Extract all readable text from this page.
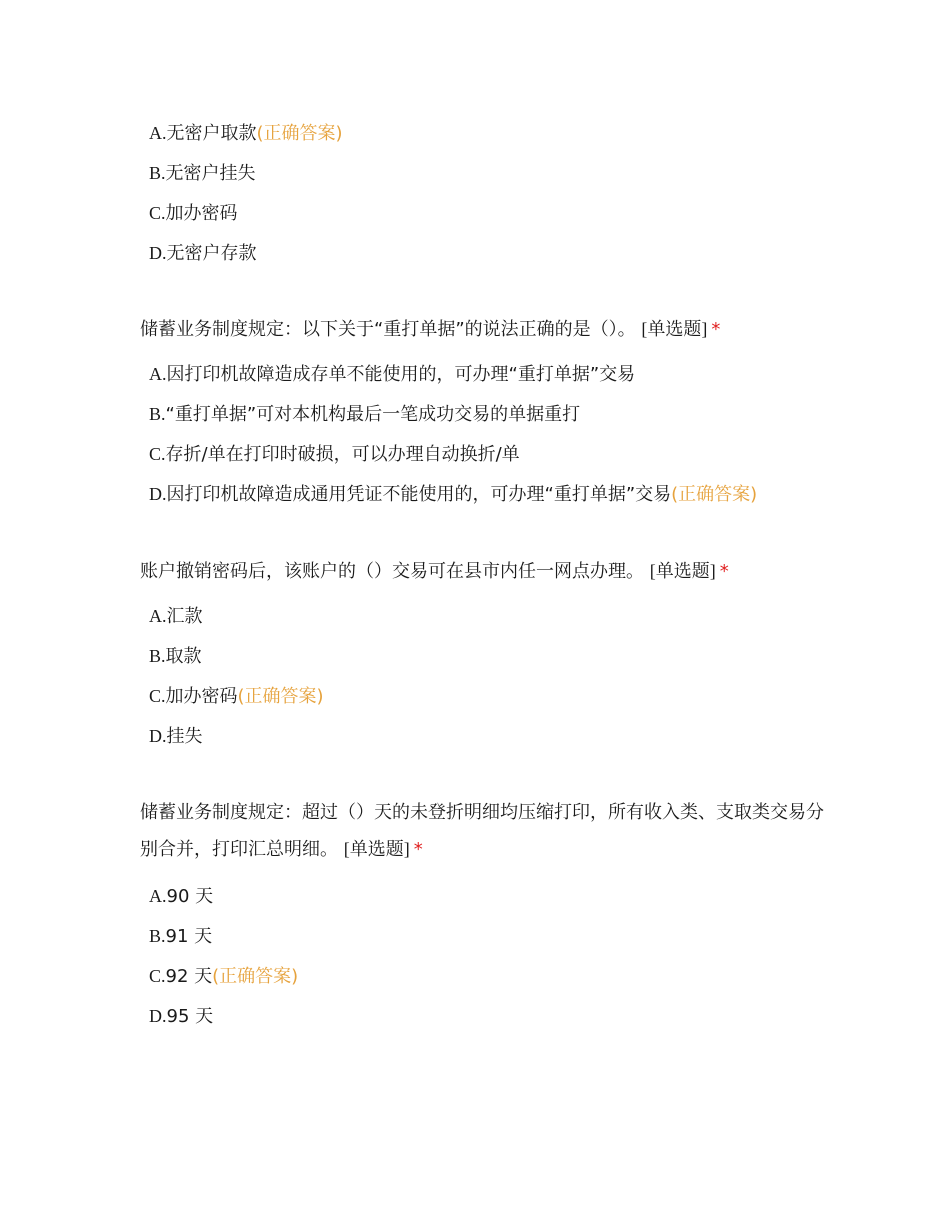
A.无密户取款(正确答案)
B.无密户挂失
C.加办密码
D.无密户存款
储蓄业务制度规定：以下关于“重打单据”的说法正确的是（）。 [单选题] *
A.因打印机故障造成存单不能使用的，可办理“重打单据”交易
B.“重打单据”可对本机构最后一笔成功交易的单据重打
C.存折/单在打印时破损，可以办理自动换折/单
D.因打印机故障造成通用凭证不能使用的，可办理“重打单据”交易(正确答案)
账户撤销密码后，该账户的（）交易可在县市内任一网点办理。 [单选题] *
A.汇款
B.取款
C.加办密码(正确答案)
D.挂失
储蓄业务制度规定：超过（）天的未登折明细均压缩打印，所有收入类、支取类交易分别合并，打印汇总明细。 [单选题] *
A.90 天
B.91 天
C.92 天(正确答案)
D.95 天
